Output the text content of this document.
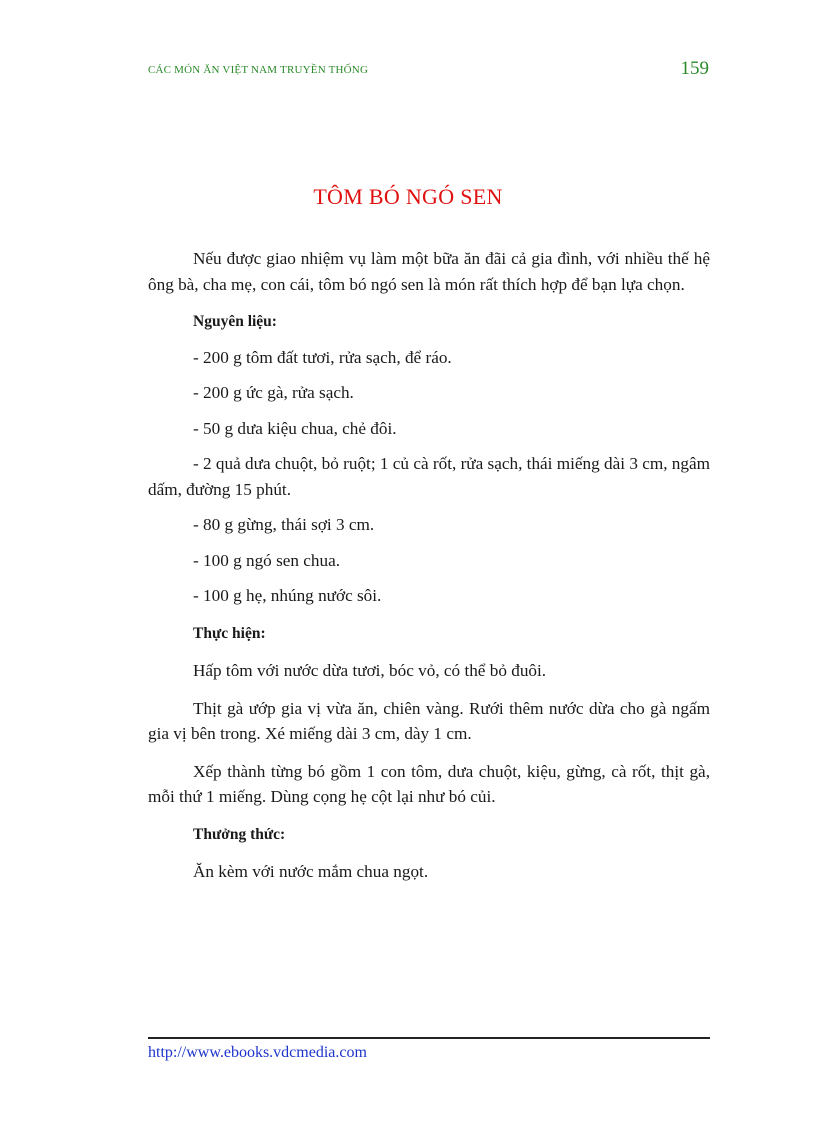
CÁC MÓN ĂN VIỆT NAM TRUYỀN THỐNG	159
TÔM BÓ NGÓ SEN

Nếu được giao nhiệm vụ làm một bữa ăn đãi cả gia đình, với nhiều thế hệ ông bà, cha mẹ, con cái, tôm bó ngó sen là món rất thích hợp để bạn lựa chọn.

Nguyên liệu:

- 200 g tôm đất tươi, rửa sạch, để ráo.

- 200 g ức gà, rửa sạch.

- 50 g dưa kiệu chua, chẻ đôi.

- 2 quả dưa chuột, bỏ ruột; 1 củ cà rốt, rửa sạch, thái miếng dài 3 cm, ngâm dấm, đường 15 phút.

- 80 g gừng, thái sợi 3 cm.

- 100 g ngó sen chua.

- 100 g hẹ, nhúng nước sôi.

Thực hiện:

Hấp tôm với nước dừa tươi, bóc vỏ, có thể bỏ đuôi.

Thịt gà ướp gia vị vừa ăn, chiên vàng. Rưới thêm nước dừa cho gà ngấm gia vị bên trong. Xé miếng dài 3 cm, dày 1 cm.

Xếp thành từng bó gồm 1 con tôm, dưa chuột, kiệu, gừng, cà rốt, thịt gà, mỗi thứ 1 miếng. Dùng cọng hẹ cột lại như bó củi.

Thưởng thức:

Ăn kèm với nước mắm chua ngọt.

http://www.ebooks.vdcmedia.com
